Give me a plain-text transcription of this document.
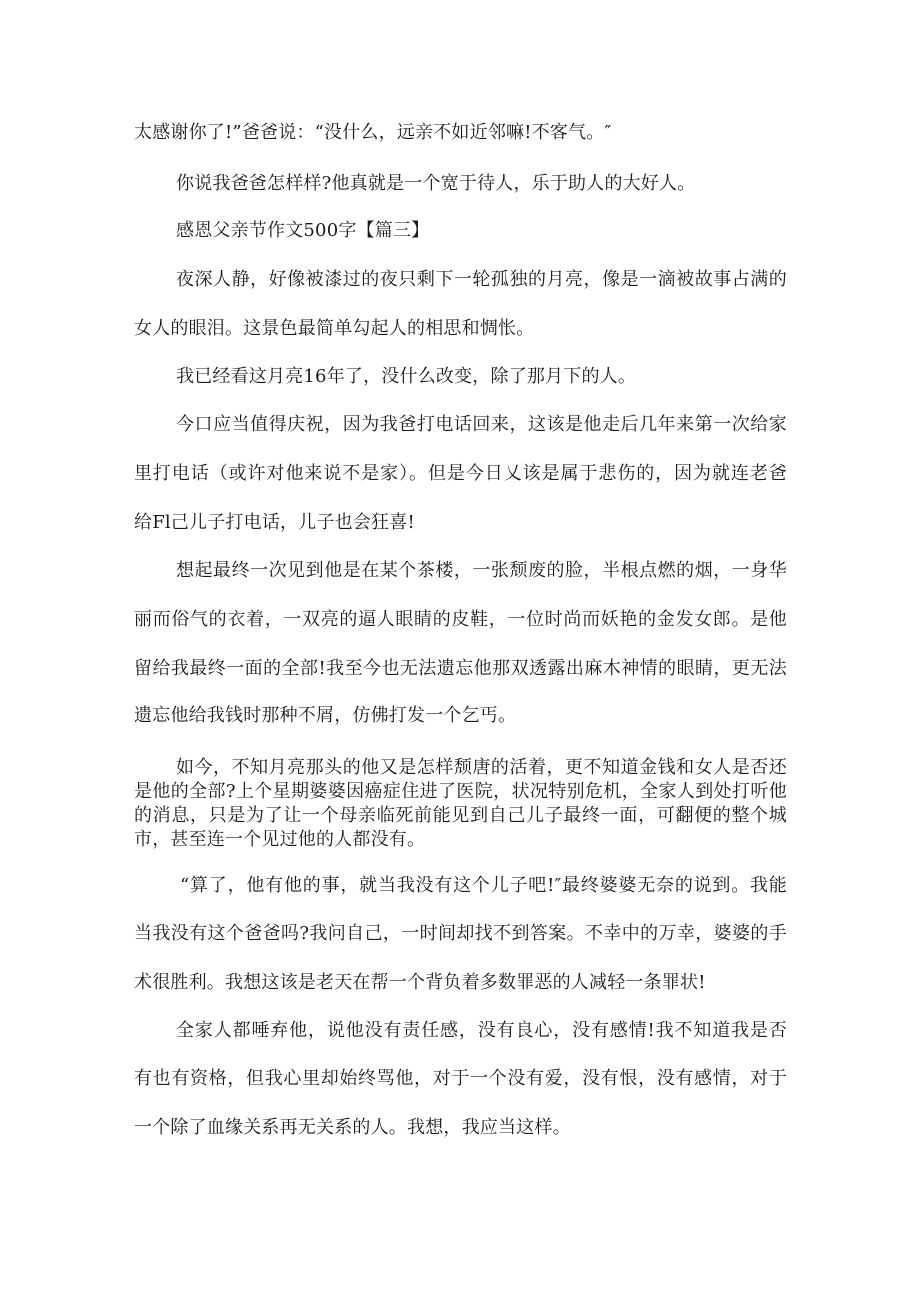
太感谢你了!”爸爸说：“没什么，远亲不如近邻嘛!不客气。″
你说我爸爸怎样样?他真就是一个宽于待人，乐于助人的大好人。
感恩父亲节作文500字【篇三】
夜深人静，好像被漆过的夜只剩下一轮孤独的月亮，像是一滴被故事占满的
女人的眼泪。这景色最简单勾起人的相思和惆怅。
我已经看这月亮16年了，没什么改变，除了那月下的人。
今口应当值得庆祝，因为我爸打电话回来，这该是他走后几年来第一次给家
里打电话（或许对他来说不是家）。但是今日乂该是属于悲伤的，因为就连老爸
给Fl己儿子打电话，儿子也会狂喜!
想起最终一次见到他是在某个茶楼，一张颓废的脸，半根点燃的烟，一身华
丽而俗气的衣着，一双亮的逼人眼睛的皮鞋，一位时尚而妖艳的金发女郎。是他
留给我最终一面的全部!我至今也无法遗忘他那双透露出麻木神情的眼睛，更无法
遗忘他给我钱时那种不屑，仿佛打发一个乞丐。
如今，不知月亮那头的他又是怎样颓唐的活着，更不知道金钱和女人是否还
是他的全部?上个星期婆婆因癌症住进了医院，状况特别危机，全家人到处打听他
的消息，只是为了让一个母亲临死前能见到自己儿子最终一面，可翻便的整个城
市，甚至连一个见过他的人都没有。
“算了，他有他的事，就当我没有这个儿子吧!″最终婆婆无奈的说到。我能
当我没有这个爸爸吗?我问自己，一时间却找不到答案。不幸中的万幸，婆婆的手
术很胜利。我想这该是老天在帮一个背负着多数罪恶的人减轻一条罪状!
全家人都唾弃他，说他没有责任感，没有良心，没有感情!我不知道我是否
有也有资格，但我心里却始终骂他，对于一个没有爱，没有恨，没有感情，对于
一个除了血缘关系再无关系的人。我想，我应当这样。
